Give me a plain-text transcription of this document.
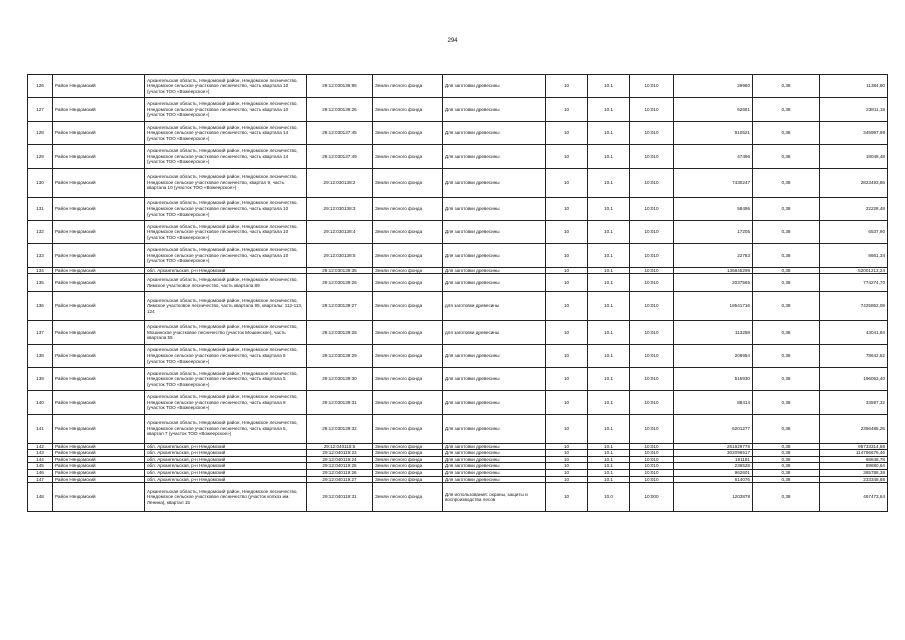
294
126	Район Няндомский	Архангельская область, Няндомский район, Няндомское лесничество, Няндомское сельское участковое лесничество, часть квартала 10 (участок ТОО «Вожеерское»)	29:12:030136:95	Земли лесного фонда	Для заготовки древесины	10	10.1	10:010	29960	0,38	11384,80
127	Район Няндомский	Архангельская область, Няндомский район, Няндомское лесничество, Няндомское сельское участковое лесничество, часть квартала 10 (участок ТОО «Вожеерское»)	29:12:030136:26	Земли лесного фонда	Для заготовки древесины	10	10.1	10:010	62661	0,38	23811,18
128	Район Няндомский	Архангельская область, Няндомский район, Няндомское лесничество, Няндомское сельское участковое лесничество, часть квартала 14 (участок ТОО «Вожеерское»)	29:12:030137:45	Земли лесного фонда	Для заготовки древесины	10	10.1	10:010	910521	0,38	345997,98
129	Район Няндомский	Архангельская область, Няндомский район, Няндомское лесничество, Няндомское сельское участковое лесничество, часть квартала 14 (участок ТОО «Вожеерское»)	29:12:030137:49	Земли лесного фонда	Для заготовки древесины	10	10.1	10:010	47496	0,38	18048,48
130	Район Няндомский	Архангельская область, Няндомский район, Няндомское лесничество, Няндомское сельское участковое лесничество, квартал 9, часть квартала 10 (участок ТОО «Вожеерское»)	29:12:030138:2	Земли лесного фонда	Для заготовки древесины	10	10.1	10:010	7430247	0,38	2823493,86
131	Район Няндомский	Архангельская область, Няндомский район, Няндомское лесничество, Няндомское сельское участковое лесничество, часть квартала 10 (участок ТОО «Вожеерское»)	29:12:030138:3	Земли лесного фонда	Для заготовки древесины	10	10.1	10:010	58496	0,38	22228,48
132	Район Няндомский	Архангельская область, Няндомский район, Няндомское лесничество, Няндомское сельское участковое лесничество, часть квартала 10 (участок ТОО «Вожеерское»)	29:12:030138:4	Земли лесного фонда	Для заготовки древесины	10	10.1	10:010	17205	0,38	6537,90
133	Район Няндомский	Архангельская область, Няндомский район, Няндомское лесничество, Няндомское сельское участковое лесничество, часть квартала 10 (участок ТОО «Вожеерское»)	29:12:030138:5	Земли лесного фонда	Для заготовки древесины	10	10.1	10:010	22783	0,38	8661,34
134	Район Няндомский	обл. Архангельская, р-н Няндомский	29:12:030139:35	Земли лесного фонда	Для заготовки древесины	10	10.1	10:010	136845298	0,38	52001213,24
135	Район Няндомский	Архангельская область, Няндомский район, Няндомское лесничество, Лимское участковое лесничество, часть квартала 89	29:12:030139:26	Земли лесного фонда	Для заготовки древесины	10	10.1	10:010	2037565	0,38	774274,70
136	Район Няндомский	Архангельская область, Няндомский район, Няндомское лесничество, Лимское участковое лесничество, часть квартала 95, кварталы: 112-113, 124	29:12:030139:27	Земли лесного фонда	для заготовки древесины	10	10.1	10:010	19541716	0,38	7425852,08
137	Район Няндомский	Архангельская область, Няндомский район, Няндомское лесничество, Мошинское участковое лесничество (участок Мошинское), часть квартала 55	29:12:030139:28	Земли лесного фонда	для заготовки древесины	10	10.1	10:010	113258	0,38	43041,84
138	Район Няндомский	Архангельская область, Няндомский район, Няндомское лесничество, Няндомское сельское участковое лесничество, часть квартала 5 (участок ТОО «Вожеерское»)	29:12:030139:29	Земли лесного фонда	Для заготовки древесины	10	10.1	10:010	206954	0,38	78642,52
139	Район Няндомский	Архангельская область, Няндомский район, Няндомское лесничество, Няндомское сельское участковое лесничество, часть квартала 5 (участок ТОО «Вожеерское»)	29:12:030139:30	Земли лесного фонда	Для заготовки древесины	10	10.1	10:010	515930	0,38	196053,40
140	Район Няндомский	Архангельская область, Няндомский район, Няндомское лесничество, Няндомское сельское участковое лесничество, часть квартала 8 (участок ТОО «Вожеерское»)	29:12:030139:31	Земли лесного фонда	Для заготовки древесины	10	10.1	10:010	88414	0,38	33597,32
141	Район Няндомский	Архангельская область, Няндомский район, Няндомское лесничество, Няндомское сельское участковое лесничество, часть квартала 5, квартал 7 (участок ТОО «Вожеерское»)	29:12:030139:32	Земли лесного фонда	Для заготовки древесины	10	10.1	10:010	6201277	0,38	2356485,26
142	Район Няндомский	обл. Архангельская, р-н Няндомский	29:12:040118:5	Земли лесного фонда	Для заготовки древесины	10	10.1	10:010	251929776	0,38	95733314,88
143	Район Няндомский	обл. Архангельская, р-н Няндомский	29:12:040119:23	Земли лесного фонда	Для заготовки древесины	10	10.1	10:010	302096517	0,38	114796676,46
144	Район Няндомский	обл. Архангельская, р-н Няндомский	29:12:040119:24	Земли лесного фонда	Для заготовки древесины	10	10.1	10:010	181181	0,38	68848,78
145	Район Няндомский	обл. Архангельская, р-н Няндомский	29:12:040119:25	Земли лесного фонда	Для заготовки древесины	10	10.1	10:010	236528	0,38	89880,64
146	Район Няндомский	обл. Архангельская, р-н Няндомский	29:12:040119:26	Земли лесного фонда	Для заготовки древесины	10	10.1	10:010	962601	0,38	365788,38
147	Район Няндомский	обл. Архангельская, р-н Няндомский	29:12:040119:27	Земли лесного фонда	Для заготовки древесины	10	10.1	10:010	614076	0,38	233348,88
148	Район Няндомский	Архангельская область, Няндомский район, Няндомское лесничество, Няндомское сельское участковое лесничество (участок колхоз им. Ленина), квартал 15	29:12:040119:31	Земли лесного фонда	Для использования: охраны, защиты и воспроизводства лесов	10	10.0	10:000	1203878	0,38	457473,64
